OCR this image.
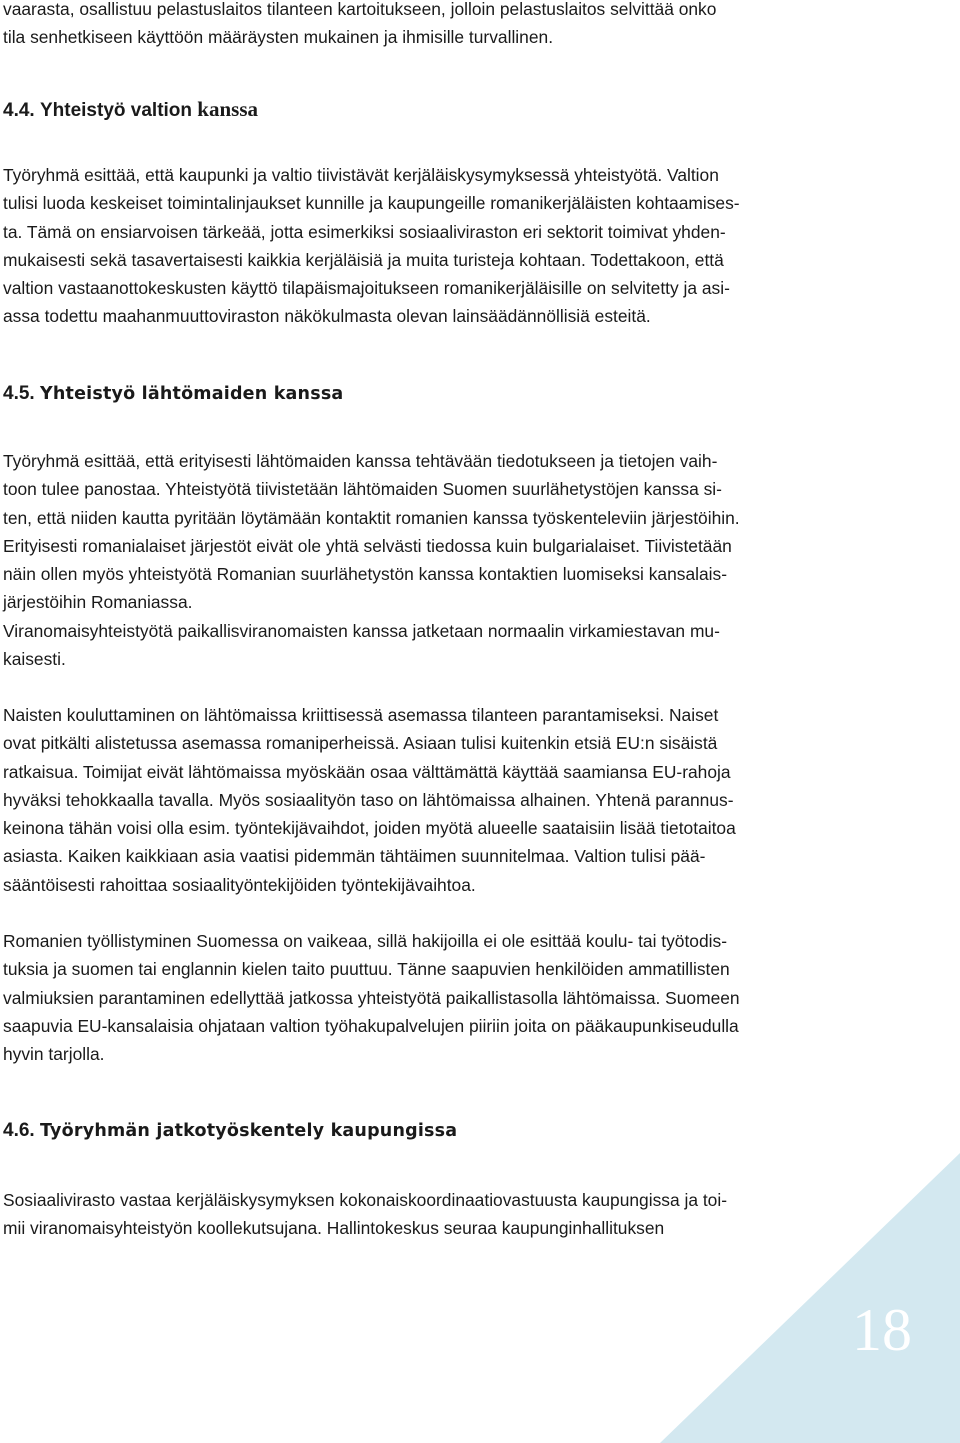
18

vaarasta, osallistuu pelastuslaitos tilanteen kartoitukseen, jolloin pelastuslaitos selvittää onko
tila senhetkiseen käyttöön määräysten mukainen ja ihmisille turvallinen.

4.4. Yhteistyö valtion kanssa

Työryhmä esittää, että kaupunki ja valtio tiivistävät kerjäläiskysymyksessä yhteistyötä. Valtion
tulisi luoda keskeiset toimintalinjaukset kunnille ja kaupungeille romanikerjäläisten kohtaamises-
ta. Tämä on ensiarvoisen tärkeää, jotta esimerkiksi sosiaaliviraston eri sektorit toimivat yhden-
mukaisesti sekä tasavertaisesti kaikkia kerjäläisiä ja muita turisteja kohtaan. Todettakoon, että
valtion vastaanottokeskusten käyttö tilapäismajoitukseen romanikerjäläisille on selvitetty ja asi-
assa todettu maahanmuuttoviraston näkökulmasta olevan lainsäädännöllisiä esteitä.

4.5. Yhteistyö lähtömaiden kanssa

Työryhmä esittää, että erityisesti lähtömaiden kanssa tehtävään tiedotukseen ja tietojen vaih-
toon tulee panostaa. Yhteistyötä tiivistetään lähtömaiden Suomen suurlähetystöjen kanssa si-
ten, että niiden kautta pyritään löytämään kontaktit romanien kanssa työskenteleviin järjestöihin.
Erityisesti romanialaiset järjestöt eivät ole yhtä selvästi tiedossa kuin bulgarialaiset. Tiivistetään
näin ollen myös yhteistyötä Romanian suurlähetystön kanssa kontaktien luomiseksi kansalais-
järjestöihin Romaniassa.
Viranomaisyhteistyötä paikallisviranomaisten kanssa jatketaan normaalin virkamiestavan mu-
kaisesti.

Naisten kouluttaminen on lähtömaissa kriittisessä asemassa tilanteen parantamiseksi. Naiset
ovat pitkälti alistetussa asemassa romaniperheissä. Asiaan tulisi kuitenkin etsiä EU:n sisäistä
ratkaisua. Toimijat eivät lähtömaissa myöskään osaa välttämättä käyttää saamiansa EU-rahoja
hyväksi tehokkaalla tavalla. Myös sosiaalityön taso on lähtömaissa alhainen. Yhtenä parannus-
keinona tähän voisi olla esim. työntekijävaihdot, joiden myötä alueelle saataisiin lisää tietotaitoa
asiasta. Kaiken kaikkiaan asia vaatisi pidemmän tähtäimen suunnitelmaa. Valtion tulisi pää-
sääntöisesti rahoittaa sosiaalityöntekijöiden työntekijävaihtoa.

Romanien työllistyminen Suomessa on vaikeaa, sillä hakijoilla ei ole esittää koulu- tai työtodis-
tuksia ja suomen tai englannin kielen taito puuttuu. Tänne saapuvien henkilöiden ammatillisten
valmiuksien parantaminen edellyttää jatkossa yhteistyötä paikallistasolla lähtömaissa. Suomeen
saapuvia EU-kansalaisia ohjataan valtion työhakupalvelujen piiriin joita on pääkaupunkiseudulla
hyvin tarjolla.

4.6. Työryhmän jatkotyöskentely kaupungissa

Sosiaalivirasto vastaa kerjäläiskysymyksen kokonaiskoordinaatiovastuusta kaupungissa ja toi-
mii viranomaisyhteistyön koollekutsujana. Hallintokeskus seuraa kaupunginhallituksen
